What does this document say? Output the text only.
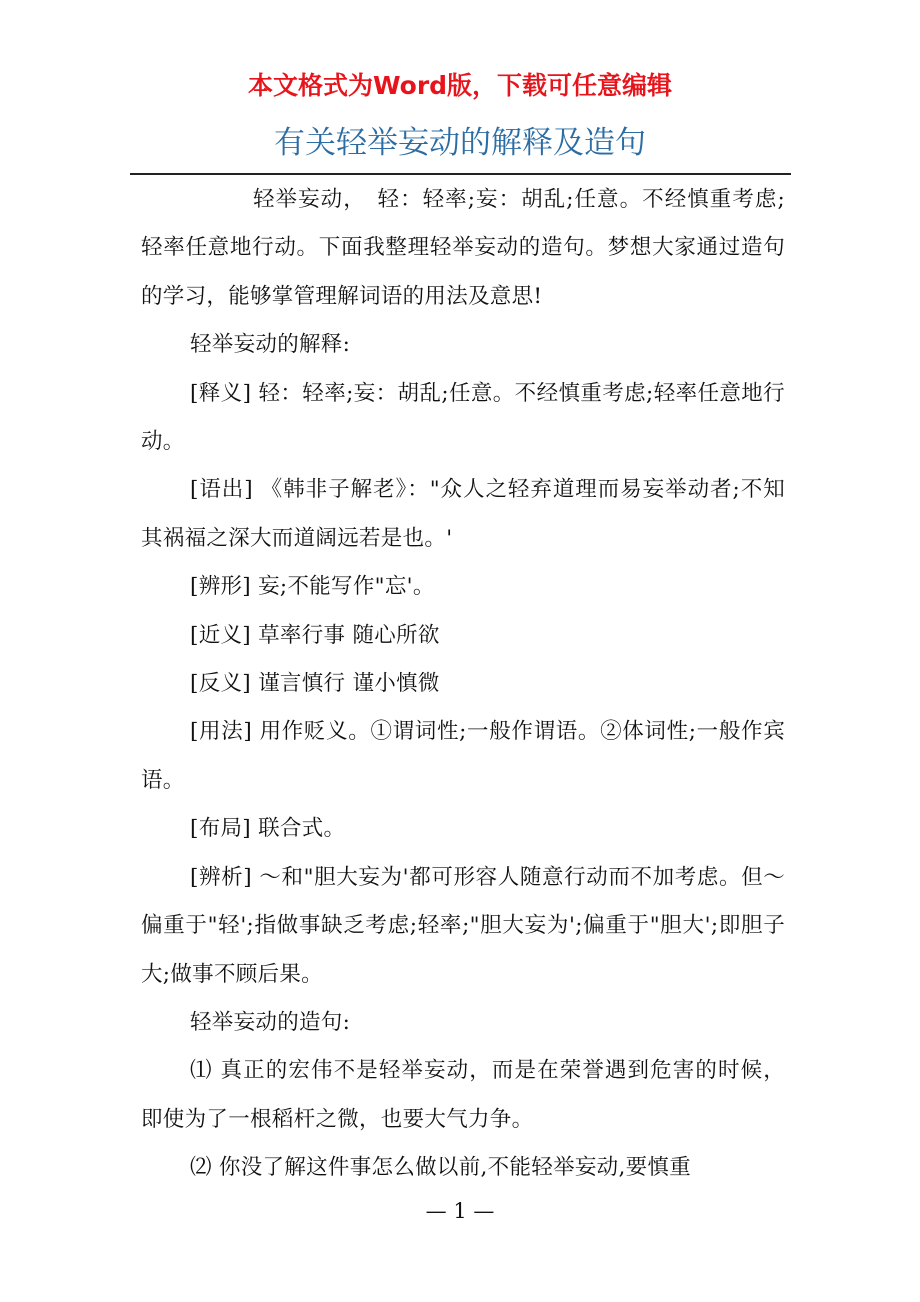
本文格式为Word版，下载可任意编辑
有关轻举妄动的解释及造句

轻举妄动，　轻：轻率;妄：胡乱;任意。不经慎重考虑;轻率任意地行动。下面我整理轻举妄动的造句。梦想大家通过造句的学习，能够掌管理解词语的用法及意思!

轻举妄动的解释:

[释义] 轻：轻率;妄：胡乱;任意。不经慎重考虑;轻率任意地行动。

[语出] 《韩非子解老》："众人之轻弃道理而易妄举动者;不知其祸福之深大而道阔远若是也。'

[辨形] 妄;不能写作"忘'。

[近义] 草率行事 随心所欲

[反义] 谨言慎行 谨小慎微

[用法] 用作贬义。①谓词性;一般作谓语。②体词性;一般作宾语。

[布局] 联合式。

[辨析] ～和"胆大妄为'都可形容人随意行动而不加考虑。但～偏重于"轻';指做事缺乏考虑;轻率;"胆大妄为';偏重于"胆大';即胆子大;做事不顾后果。

轻举妄动的造句:

⑴ 真正的宏伟不是轻举妄动，而是在荣誉遇到危害的时候，即使为了一根稻杆之微，也要大气力争。

⑵ 你没了解这件事怎么做以前,不能轻举妄动,要慎重

— 1 —
